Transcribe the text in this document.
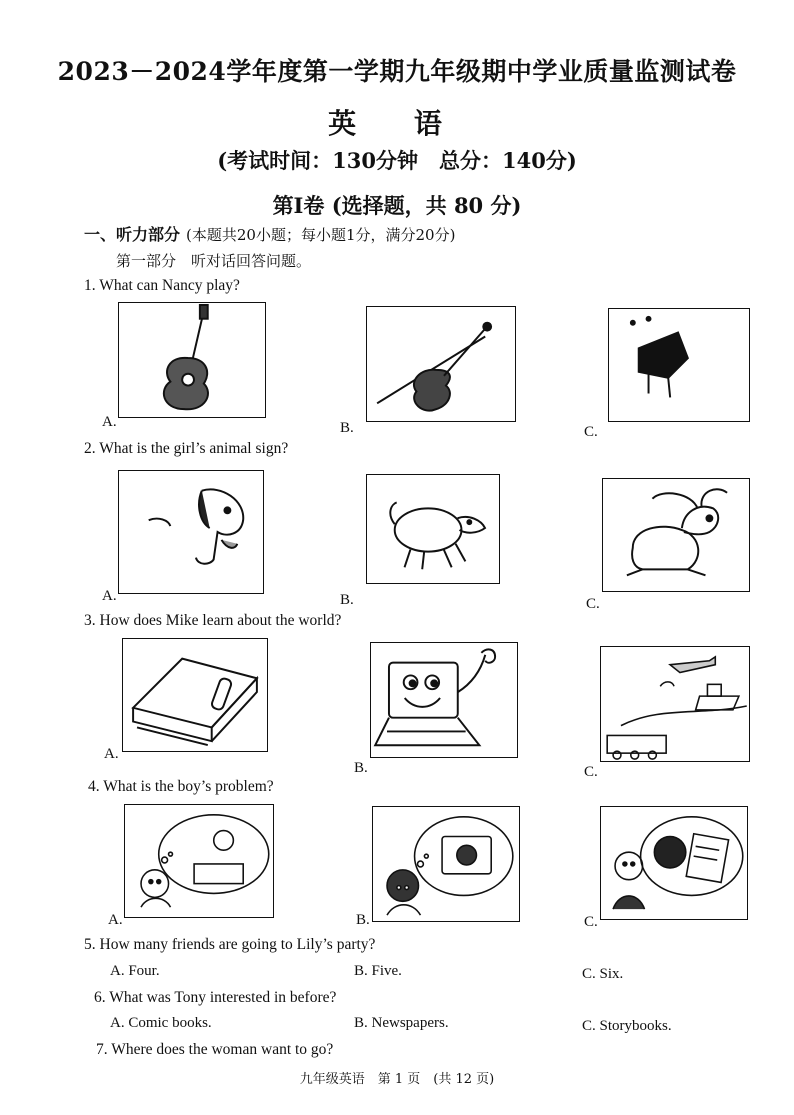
2023－2024学年度第一学期九年级期中学业质量监测试卷
英 语
(考试时间：130分钟　总分：140分)
第Ⅰ卷 (选择题，共 80 分)
一、听力部分 (本题共20小题；每小题1分，满分20分)
第一部分　听对话回答问题。
1. What can Nancy play?
A.	B.	C.
2. What is the girl’s animal sign?
A.	B.	C.
3. How does Mike learn about the world?
A.
B.	C.
4. What is the boy’s problem?
A.	B.	C.
5. How many friends are going to Lily’s party?
A. Four.	B. Five.	C. Six.
6. What was Tony interested in before?
A. Comic books.	B. Newspapers.	C. Storybooks.
7. Where does the woman want to go?
九年级英语　第 1 页　(共 12 页)
